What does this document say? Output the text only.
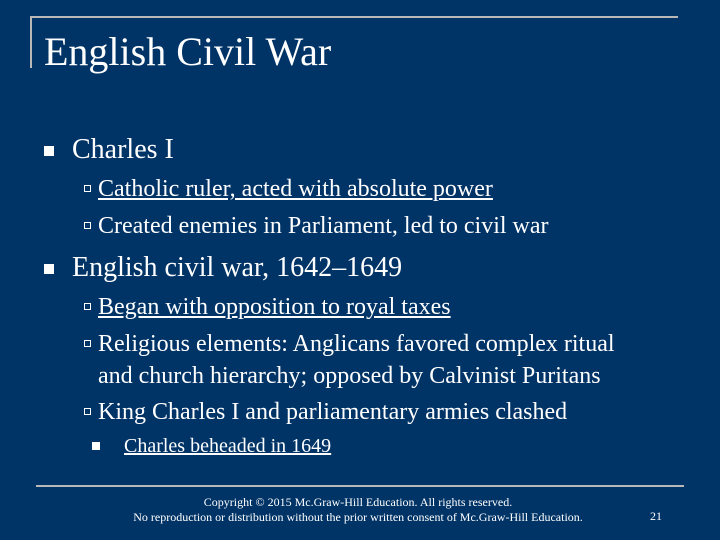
English Civil War
Charles I
Catholic ruler, acted with absolute power
Created enemies in Parliament, led to civil war
English civil war, 1642–1649
Began with opposition to royal taxes
Religious elements: Anglicans favored complex ritual
and church hierarchy; opposed by Calvinist Puritans
King Charles I and parliamentary armies clashed
Charles beheaded in 1649
Copyright © 2015 Mc.Graw-Hill Education. All rights reserved.
No reproduction or distribution without the prior written consent of Mc.Graw-Hill Education.	21
